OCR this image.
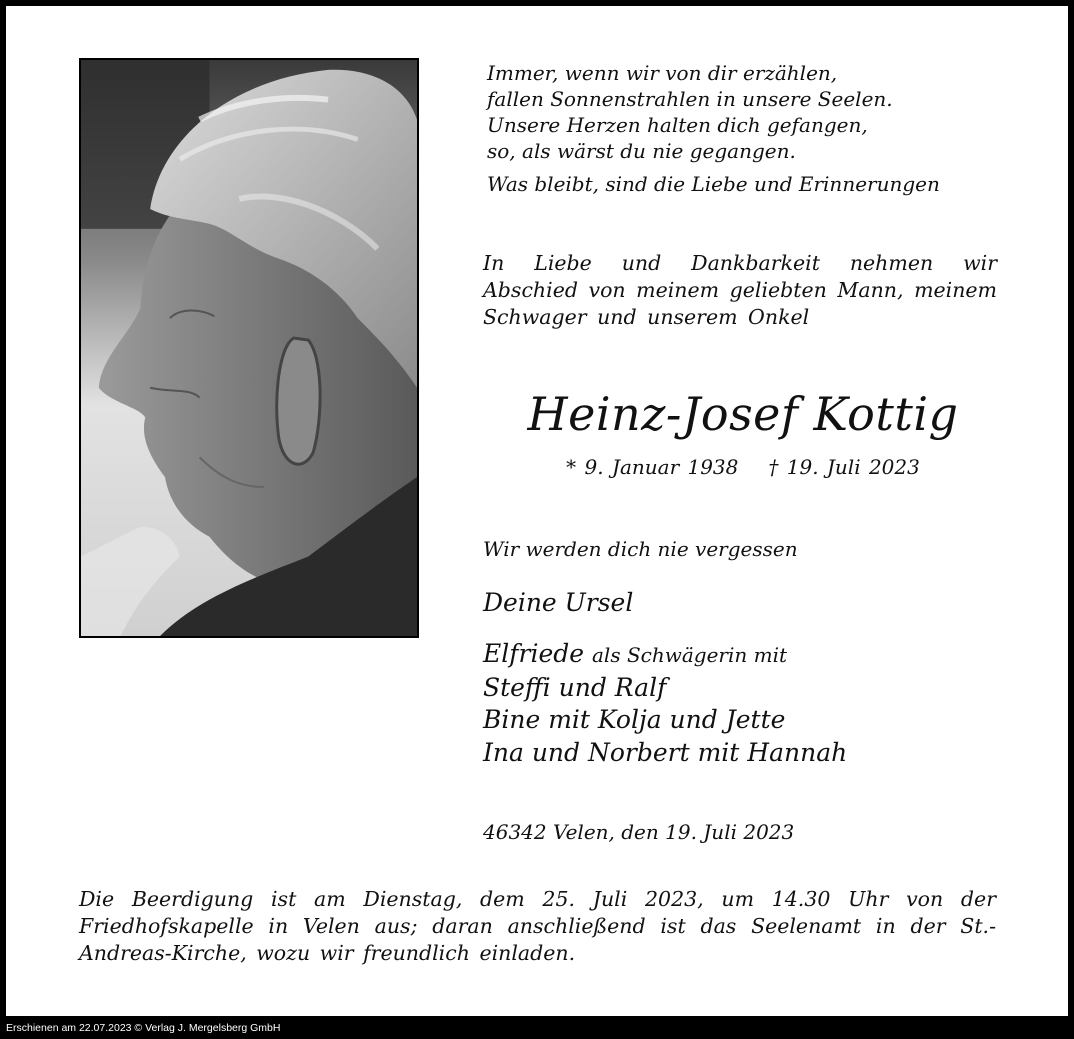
Immer, wenn wir von dir erzählen,

fallen Sonnenstrahlen in unsere Seelen.

Unsere Herzen halten dich gefangen,

so, als wärst du nie gegangen.

Was bleibt, sind die Liebe und Erinnerungen

In Liebe und Dankbarkeit nehmen wir Abschied von meinem geliebten Mann, meinem Schwager und unserem Onkel

Heinz-Josef Kottig

* 9. Januar 1938 † 19. Juli 2023

Wir werden dich nie vergessen

Deine Ursel

Elfriede als Schwägerin mit

Steffi und Ralf

Bine mit Kolja und Jette

Ina und Norbert mit Hannah

46342 Velen, den 19. Juli 2023

Die Beerdigung ist am Dienstag, dem 25. Juli 2023, um 14.30 Uhr von der Friedhofskapelle in Velen aus; daran anschließend ist das Seelenamt in der St.-Andreas-Kirche, wozu wir freundlich einladen.

Erschienen am 22.07.2023 © Verlag J. Mergelsberg GmbH
